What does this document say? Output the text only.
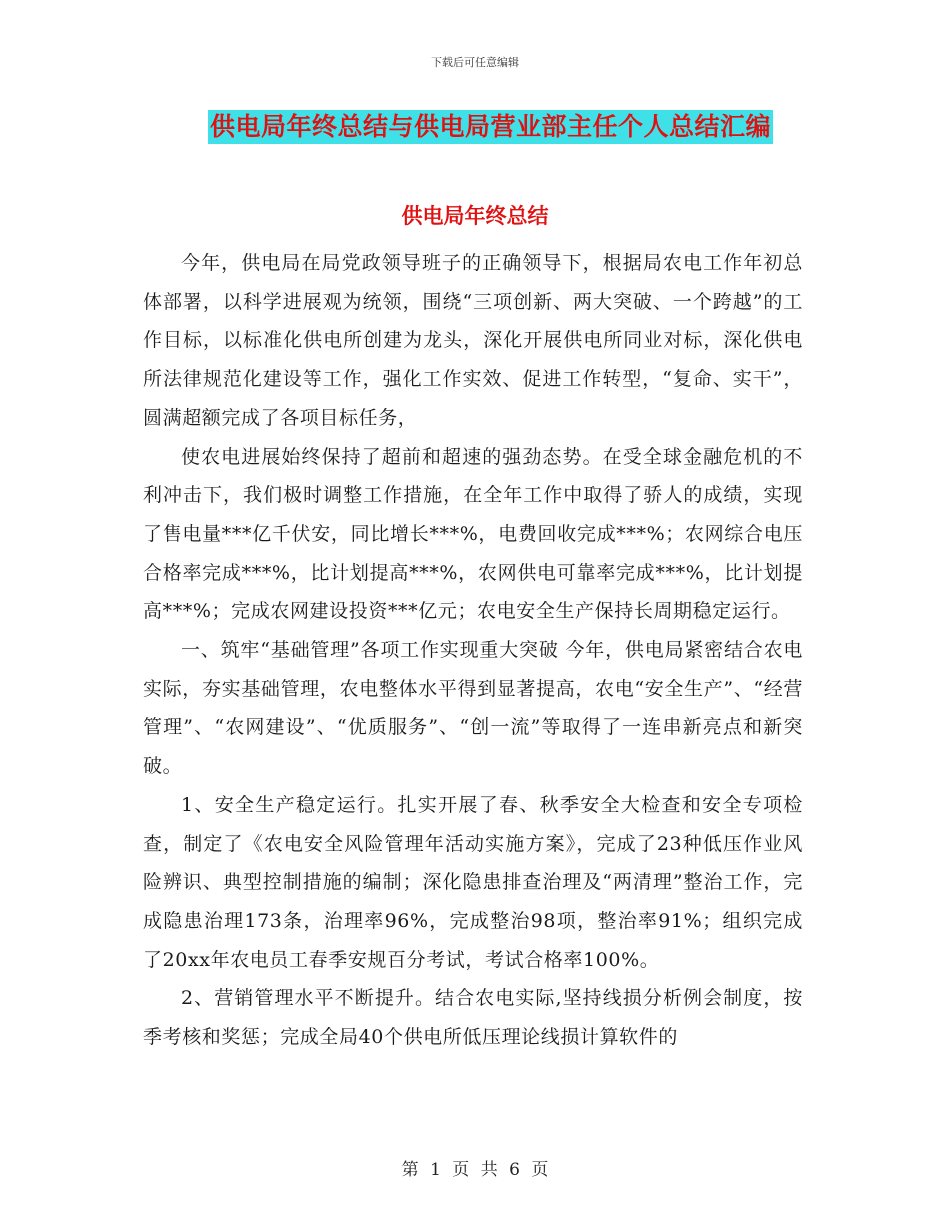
下载后可任意编辑
供电局年终总结与供电局营业部主任个人总结汇编
供电局年终总结

今年，供电局在局党政领导班子的正确领导下，根据局农电工作年初总体部署，以科学进展观为统领，围绕“三项创新、两大突破、一个跨越”的工作目标，以标准化供电所创建为龙头，深化开展供电所同业对标，深化供电所法律规范化建设等工作，强化工作实效、促进工作转型，“复命、实干”，圆满超额完成了各项目标任务，

使农电进展始终保持了超前和超速的强劲态势。在受全球金融危机的不利冲击下，我们极时调整工作措施，在全年工作中取得了骄人的成绩，实现了售电量***亿千伏安，同比增长***%，电费回收完成***%；农网综合电压合格率完成***%，比计划提高***%，农网供电可靠率完成***%，比计划提高***%；完成农网建设投资***亿元；农电安全生产保持长周期稳定运行。

一、筑牢“基础管理”各项工作实现重大突破 今年，供电局紧密结合农电实际，夯实基础管理，农电整体水平得到显著提高，农电“安全生产”、“经营管理”、“农网建设”、“优质服务”、“创一流”等取得了一连串新亮点和新突破。

1、安全生产稳定运行。扎实开展了春、秋季安全大检查和安全专项检查，制定了《农电安全风险管理年活动实施方案》，完成了23种低压作业风险辨识、典型控制措施的编制；深化隐患排查治理及“两清理”整治工作，完成隐患治理173条，治理率96%，完成整治98项，整治率91%；组织完成了20xx年农电员工春季安规百分考试，考试合格率100%。

2、营销管理水平不断提升。结合农电实际,坚持线损分析例会制度，按季考核和奖惩；完成全局40个供电所低压理论线损计算软件的

第 1 页 共 6 页
